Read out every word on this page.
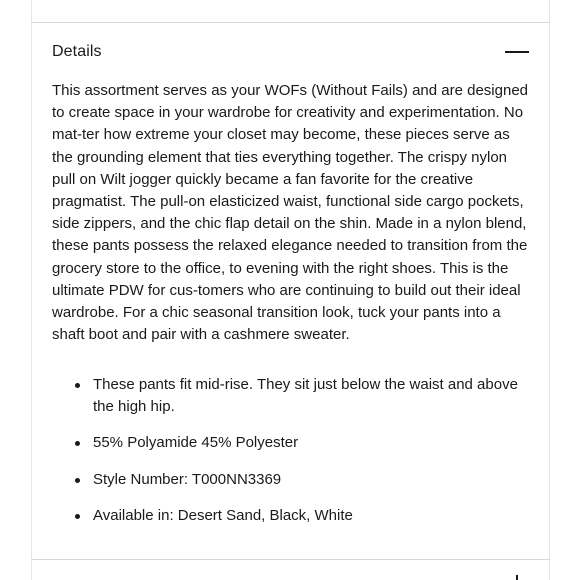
Details

This assortment serves as your WOFs (Without Fails) and are designed to create space in your wardrobe for creativity and experimentation. No mat-ter how extreme your closet may become, these pieces serve as the grounding element that ties everything together. The crispy nylon pull on Wilt jogger quickly became a fan favorite for the creative pragmatist. The pull-on elasticized waist, functional side cargo pockets, side zippers, and the chic flap detail on the shin. Made in a nylon blend, these pants possess the relaxed elegance needed to transition from the grocery store to the office, to evening with the right shoes. This is the ultimate PDW for cus-tomers who are continuing to build out their ideal wardrobe. For a chic seasonal transition look, tuck your pants into a shaft boot and pair with a cashmere sweater.

These pants fit mid-rise. They sit just below the waist and above the high hip.
55% Polyamide 45% Polyester
Style Number: T000NN3369
Available in: Desert Sand, Black, White
